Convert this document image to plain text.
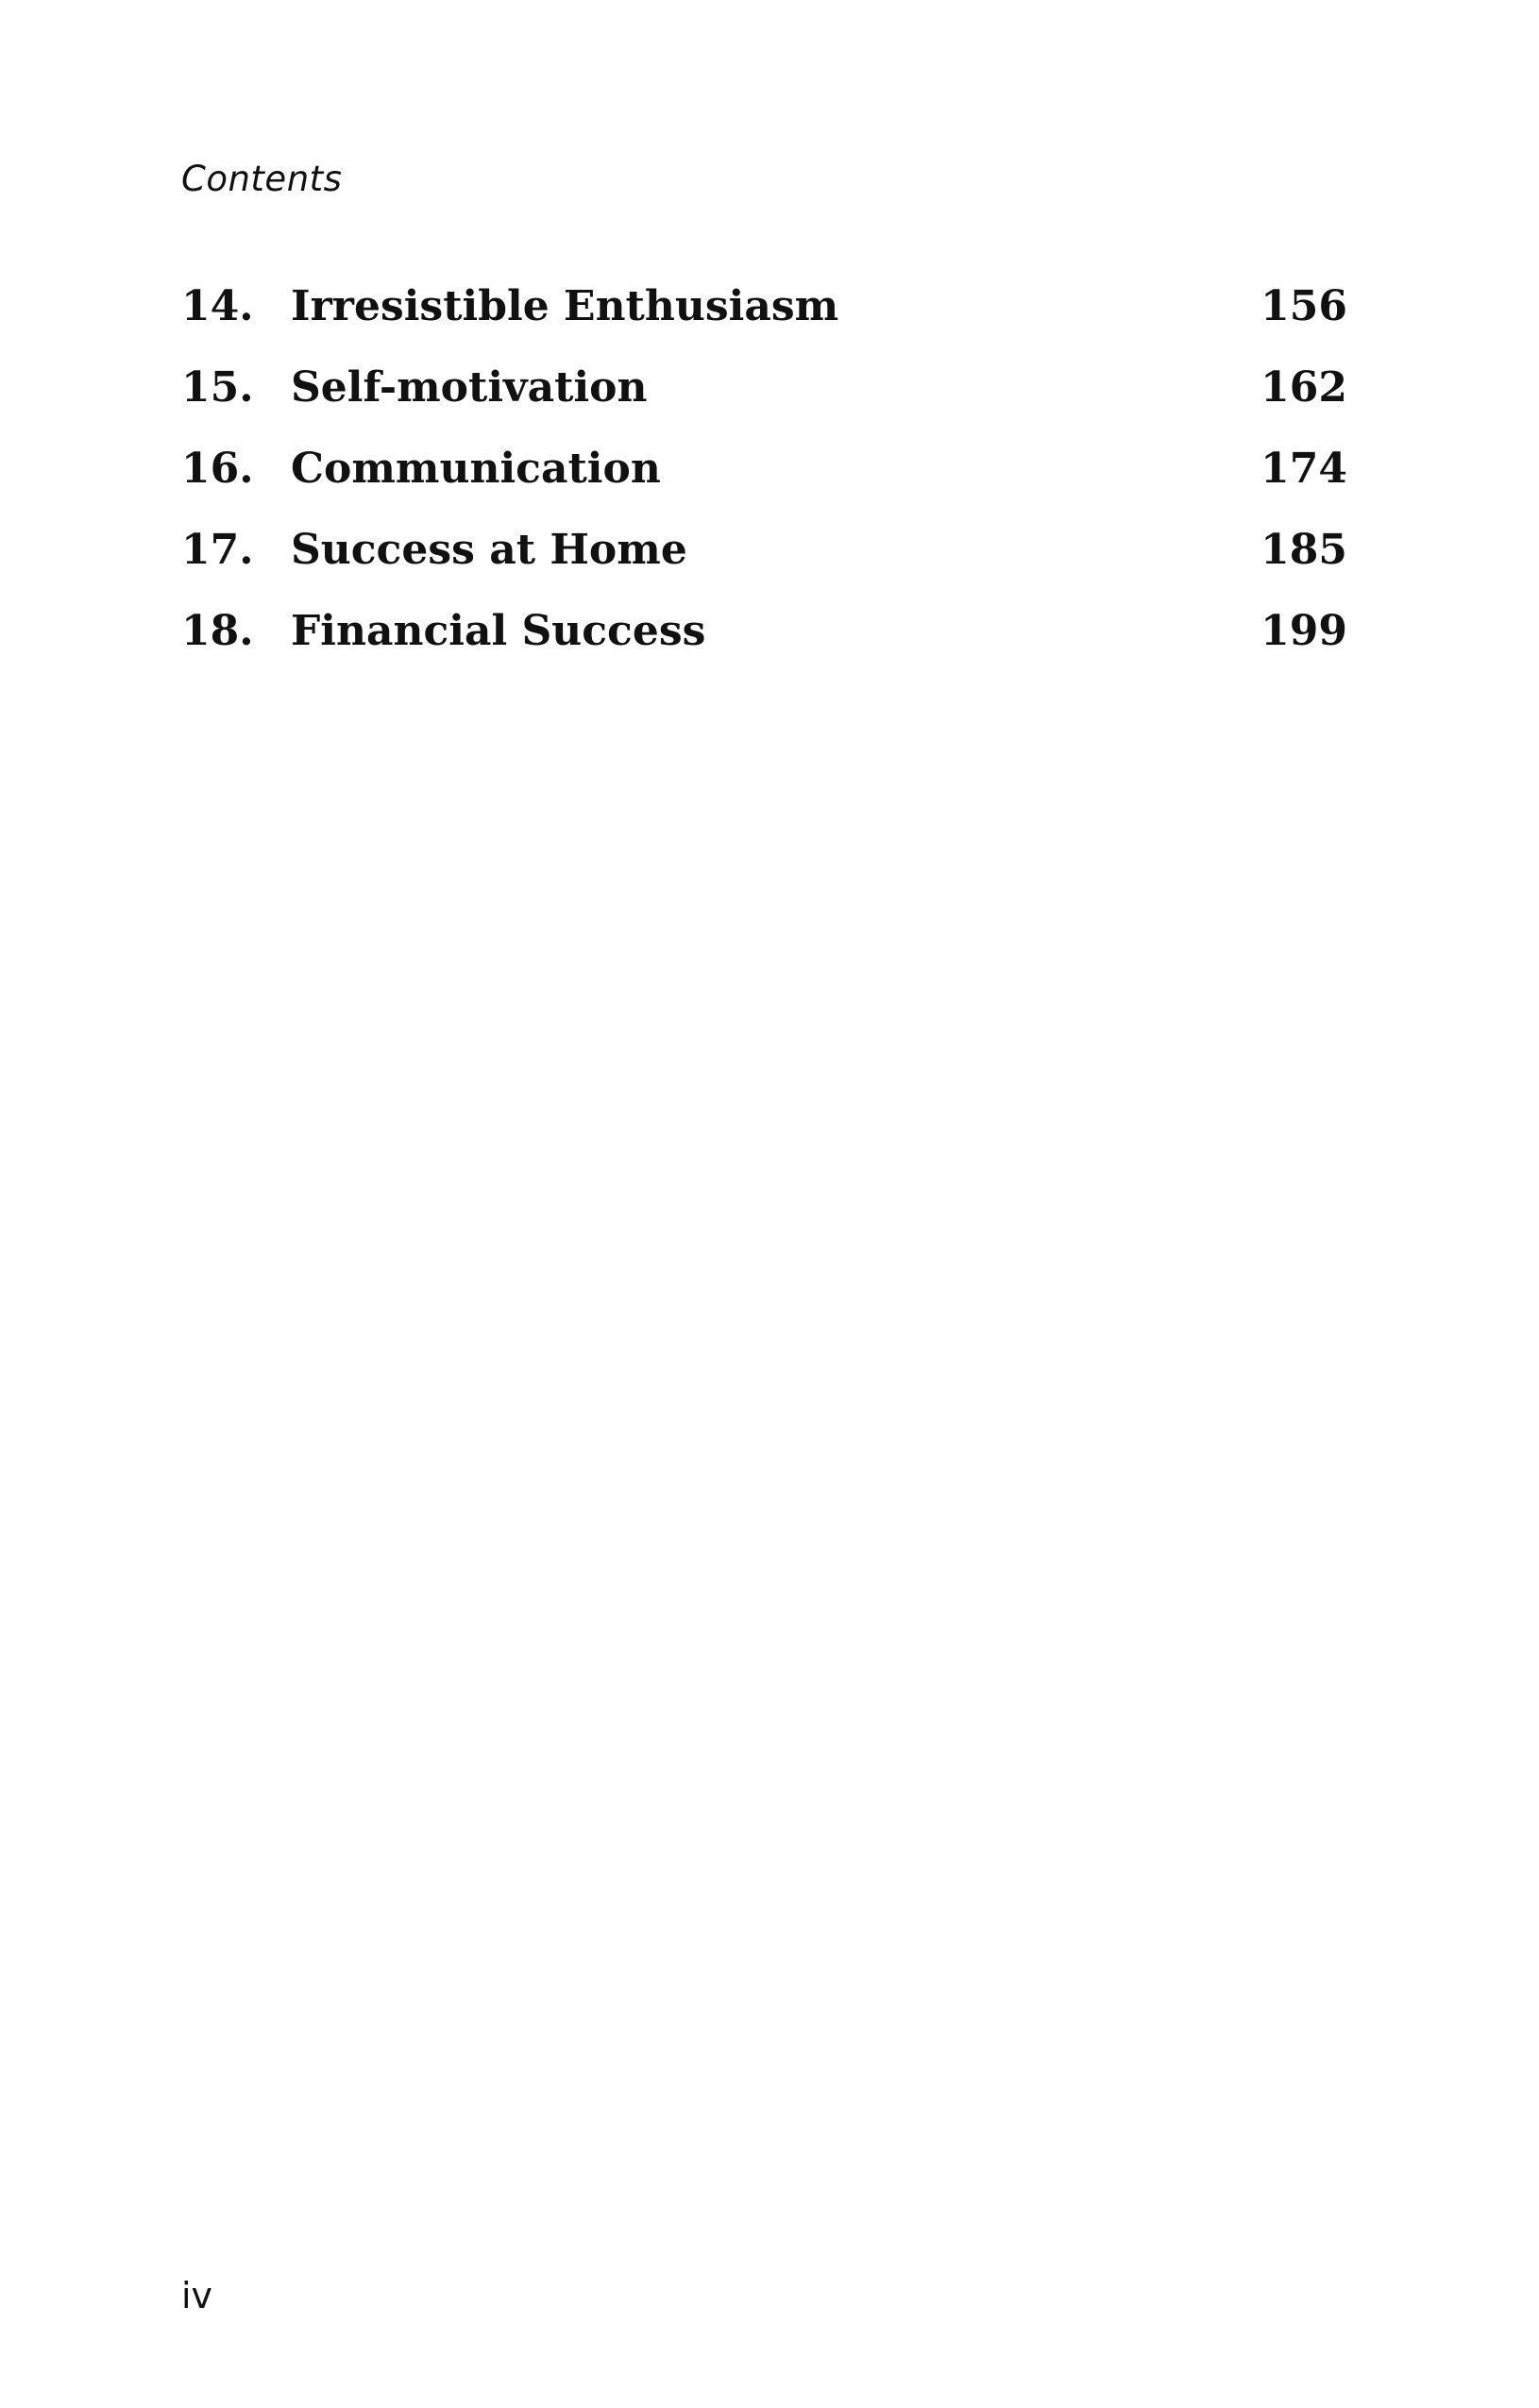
Contents
14. Irresistible Enthusiasm	156
15. Self-motivation	162
16. Communication	174
17. Success at Home	185
18. Financial Success	199
iv
